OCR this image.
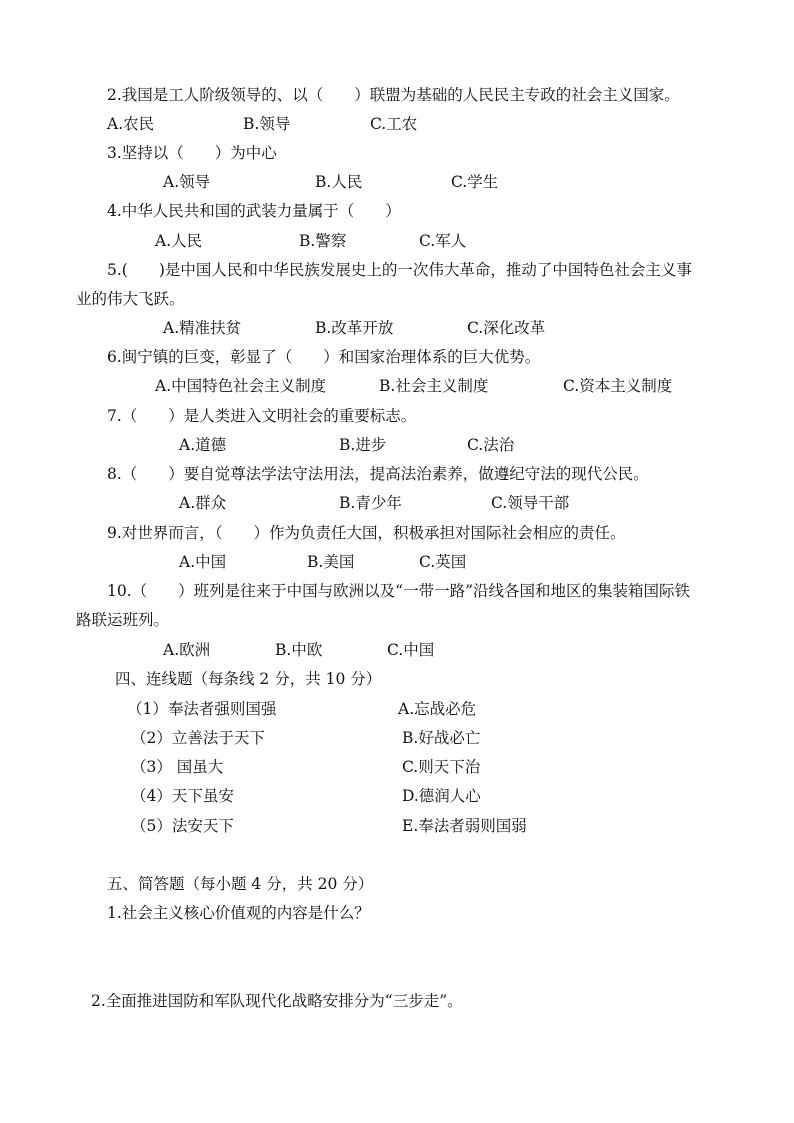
2.我国是工人阶级领导的、以（　　）联盟为基础的人民民主专政的社会主义国家。
A.农民	B.领导	C.工农
3.坚持以（　　）为中心
A.领导	B.人民	C.学生
4.中华人民共和国的武装力量属于（　　）
A.人民	B.警察	C.军人
5.(　　)是中国人民和中华民族发展史上的一次伟大革命，推动了中国特色社会主义事
业的伟大飞跃。
A.精准扶贫	B.改革开放	C.深化改革
6.闽宁镇的巨变，彰显了（　　）和国家治理体系的巨大优势。
A.中国特色社会主义制度	B.社会主义制度	C.资本主义制度
7.（　　）是人类进入文明社会的重要标志。
A.道德	B.进步	C.法治
8.（　　）要自觉尊法学法守法用法，提高法治素养，做遵纪守法的现代公民。
A.群众	B.青少年	C.领导干部
9.对世界而言，（　　）作为负责任大国，积极承担对国际社会相应的责任。
A.中国	B.美国	C.英国
10.（　　）班列是往来于中国与欧洲以及“一带一路”沿线各国和地区的集装箱国际铁
路联运班列。
A.欧洲	B.中欧	C.中国
四、连线题（每条线 2 分，共 10 分）
（1）奉法者强则国强	A.忘战必危
（2）立善法于天下	B.好战必亡
（3） 国虽大	C.则天下治
（4）天下虽安	D.德润人心
（5）法安天下	E.奉法者弱则国弱
五、简答题（每小题 4 分，共 20 分）
1.社会主义核心价值观的内容是什么？
2.全面推进国防和军队现代化战略安排分为“三步走”。
